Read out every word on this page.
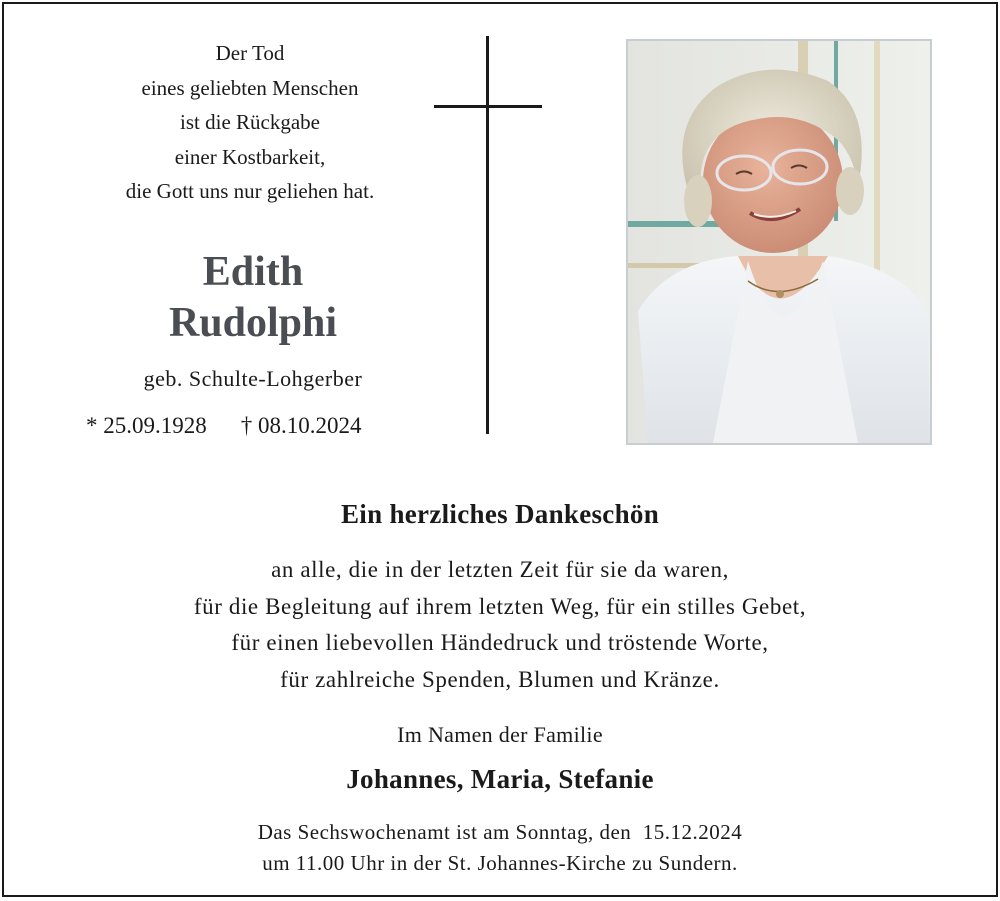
Der Tod
eines geliebten Menschen
ist die Rückgabe
einer Kostbarkeit,
die Gott uns nur geliehen hat.
Edith
Rudolphi
geb. Schulte-Lohgerber
* 25.09.1928 † 08.10.2024
Ein herzliches Dankeschön
an alle, die in der letzten Zeit für sie da waren,
für die Begleitung auf ihrem letzten Weg, für ein stilles Gebet,
für einen liebevollen Händedruck und tröstende Worte,
für zahlreiche Spenden, Blumen und Kränze.
Im Namen der Familie
Johannes, Maria, Stefanie
Das Sechswochenamt ist am Sonntag, den  15.12.2024
um 11.00 Uhr in der St. Johannes-Kirche zu Sundern.
